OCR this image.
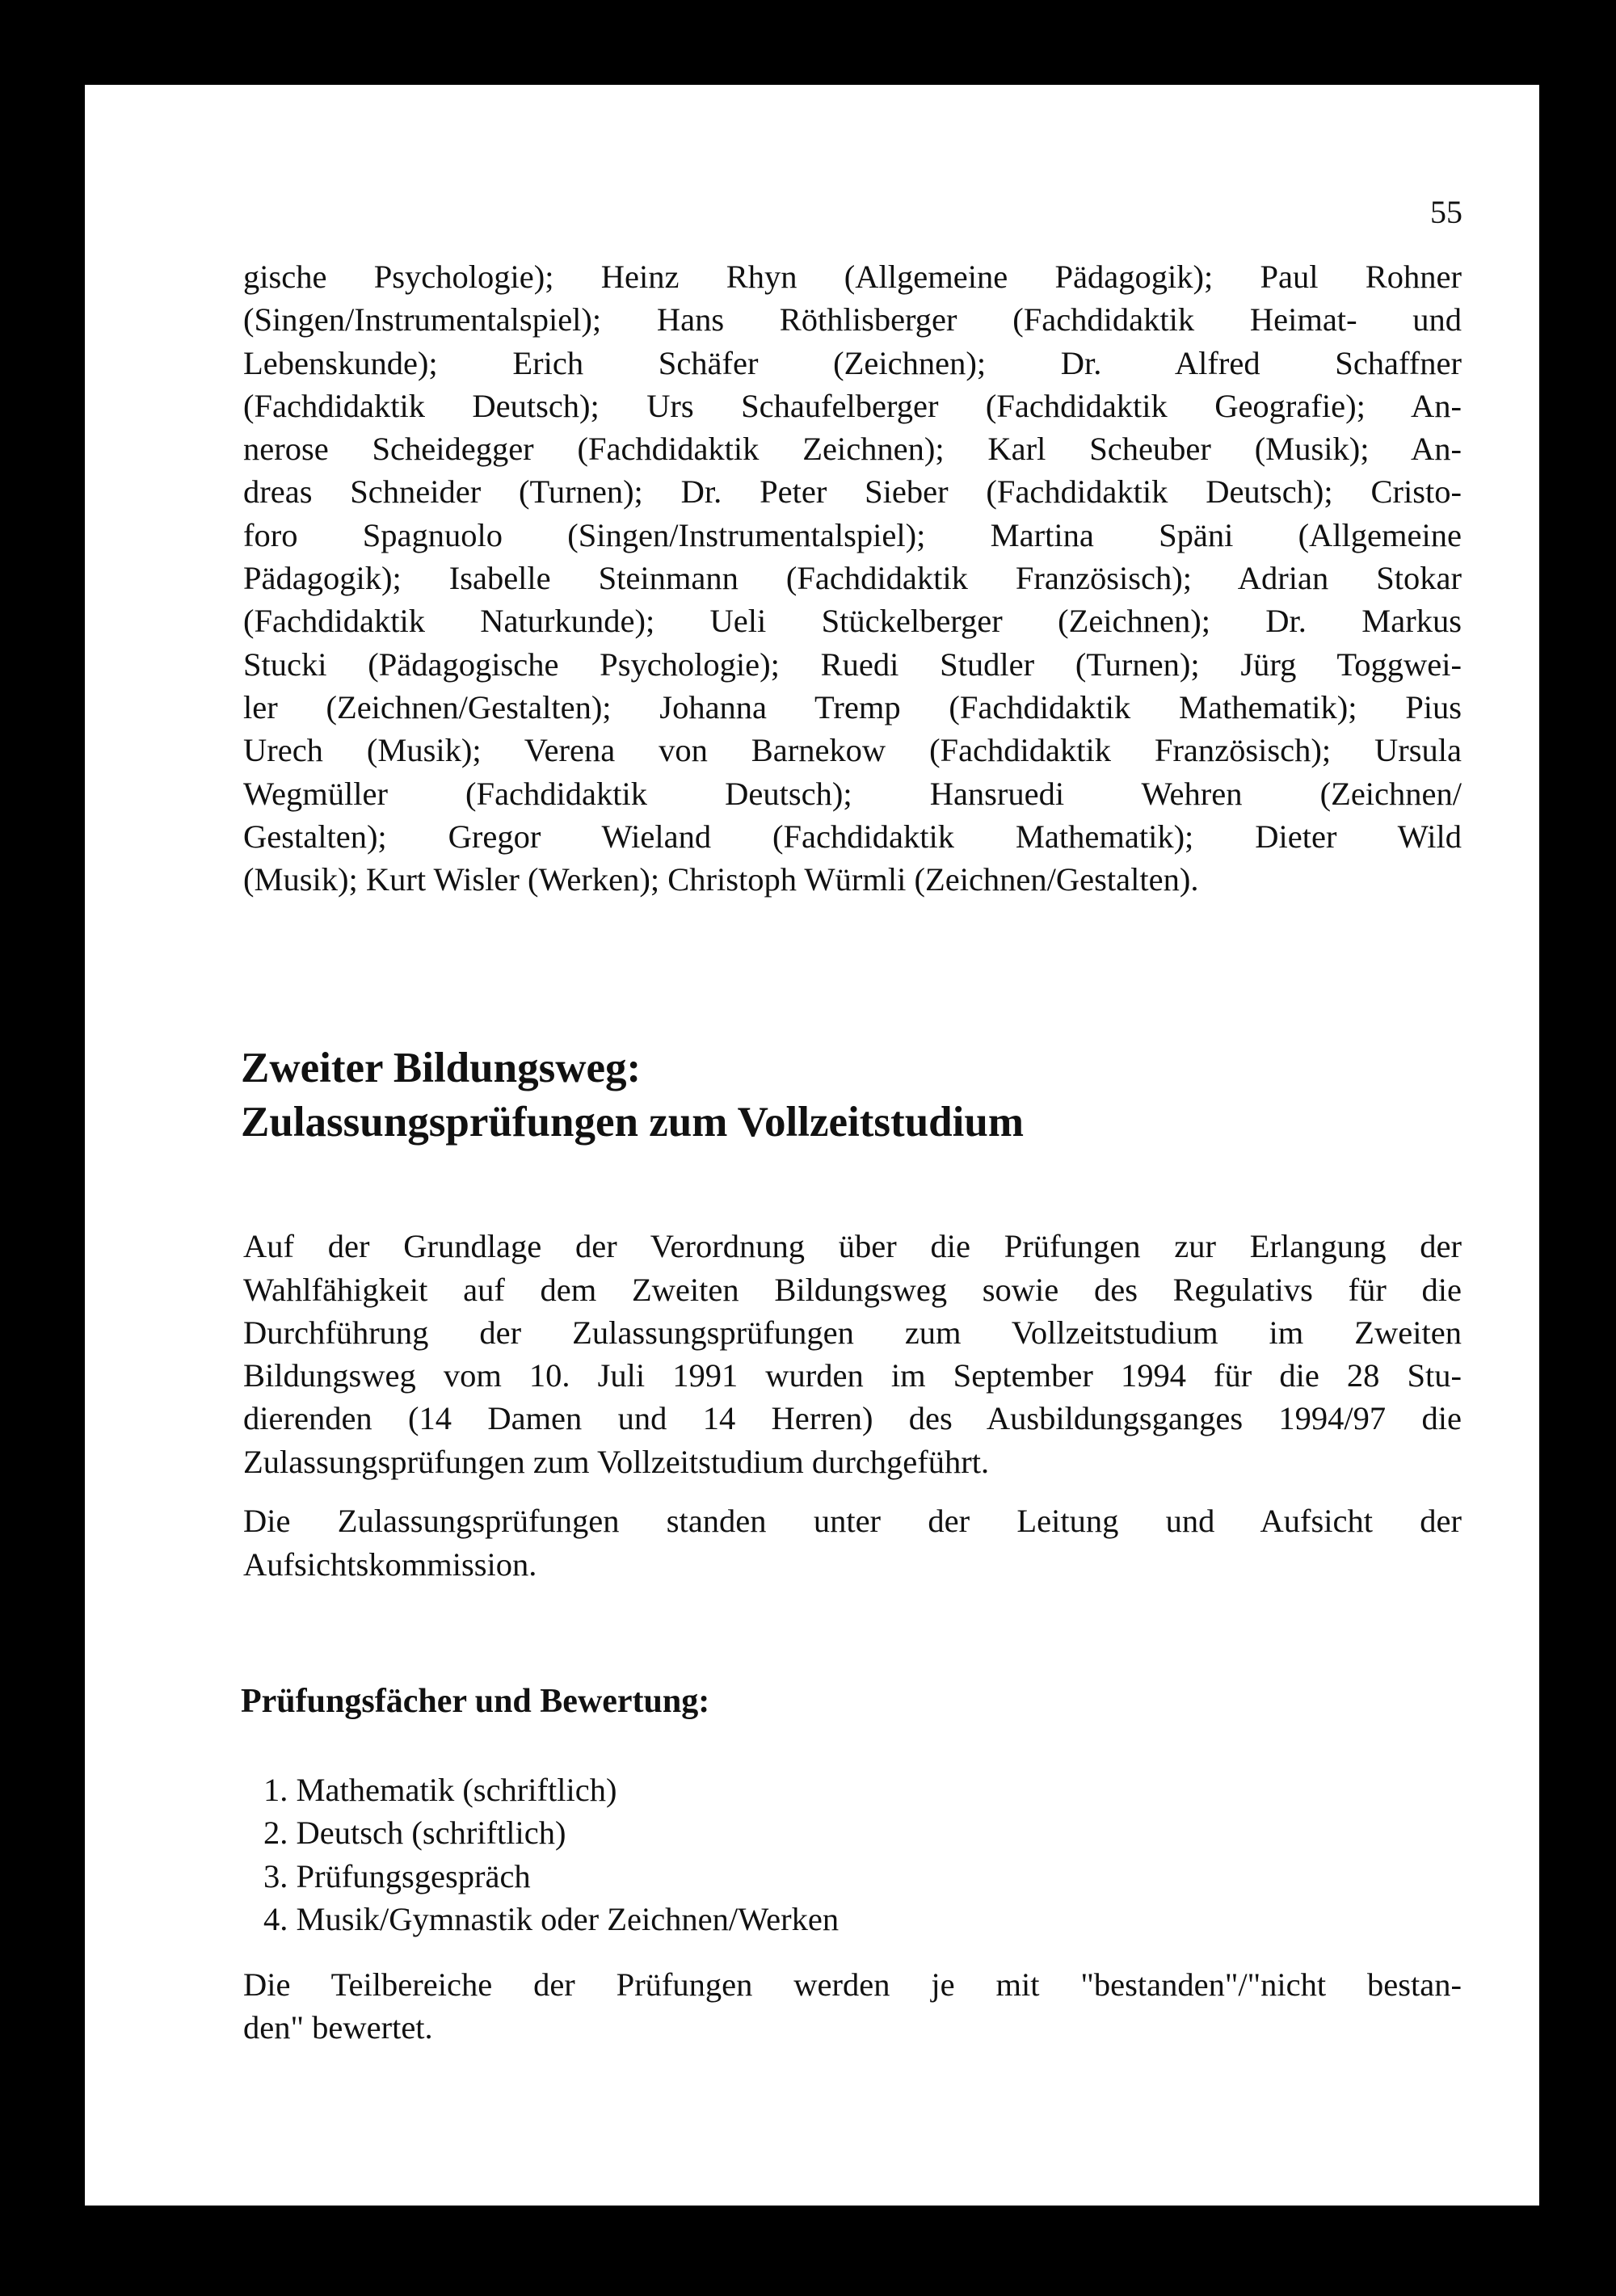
55
gische Psychologie); Heinz Rhyn (Allgemeine Pädagogik); Paul Rohner
(Singen/Instrumentalspiel); Hans Röthlisberger (Fachdidaktik Heimat- und
Lebenskunde); Erich Schäfer (Zeichnen); Dr. Alfred Schaffner
(Fachdidaktik Deutsch); Urs Schaufelberger (Fachdidaktik Geografie); An-
nerose Scheidegger (Fachdidaktik Zeichnen); Karl Scheuber (Musik); An-
dreas Schneider (Turnen); Dr. Peter Sieber (Fachdidaktik Deutsch); Cristo-
foro Spagnuolo (Singen/Instrumentalspiel); Martina Späni (Allgemeine
Pädagogik); Isabelle Steinmann (Fachdidaktik Französisch); Adrian Stokar
(Fachdidaktik Naturkunde); Ueli Stückelberger (Zeichnen); Dr. Markus
Stucki (Pädagogische Psychologie); Ruedi Studler (Turnen); Jürg Toggwei-
ler (Zeichnen/Gestalten); Johanna Tremp (Fachdidaktik Mathematik); Pius
Urech (Musik); Verena von Barnekow (Fachdidaktik Französisch); Ursula
Wegmüller (Fachdidaktik Deutsch); Hansruedi Wehren (Zeichnen/
Gestalten); Gregor Wieland (Fachdidaktik Mathematik); Dieter Wild
(Musik); Kurt Wisler (Werken); Christoph Würmli (Zeichnen/Gestalten).
Zweiter Bildungsweg:
Zulassungsprüfungen zum Vollzeitstudium
Auf der Grundlage der Verordnung über die Prüfungen zur Erlangung der
Wahlfähigkeit auf dem Zweiten Bildungsweg sowie des Regulativs für die
Durchführung der Zulassungsprüfungen zum Vollzeitstudium im Zweiten
Bildungsweg vom 10. Juli 1991 wurden im September 1994 für die 28 Stu-
dierenden (14 Damen und 14 Herren) des Ausbildungsganges 1994/97 die
Zulassungsprüfungen zum Vollzeitstudium durchgeführt.
Die Zulassungsprüfungen standen unter der Leitung und Aufsicht der
Aufsichtskommission.
Prüfungsfächer und Bewertung:
1. Mathematik (schriftlich)
2. Deutsch (schriftlich)
3. Prüfungsgespräch
4. Musik/Gymnastik oder Zeichnen/Werken
Die Teilbereiche der Prüfungen werden je mit "bestanden"/"nicht bestan-
den" bewertet.
